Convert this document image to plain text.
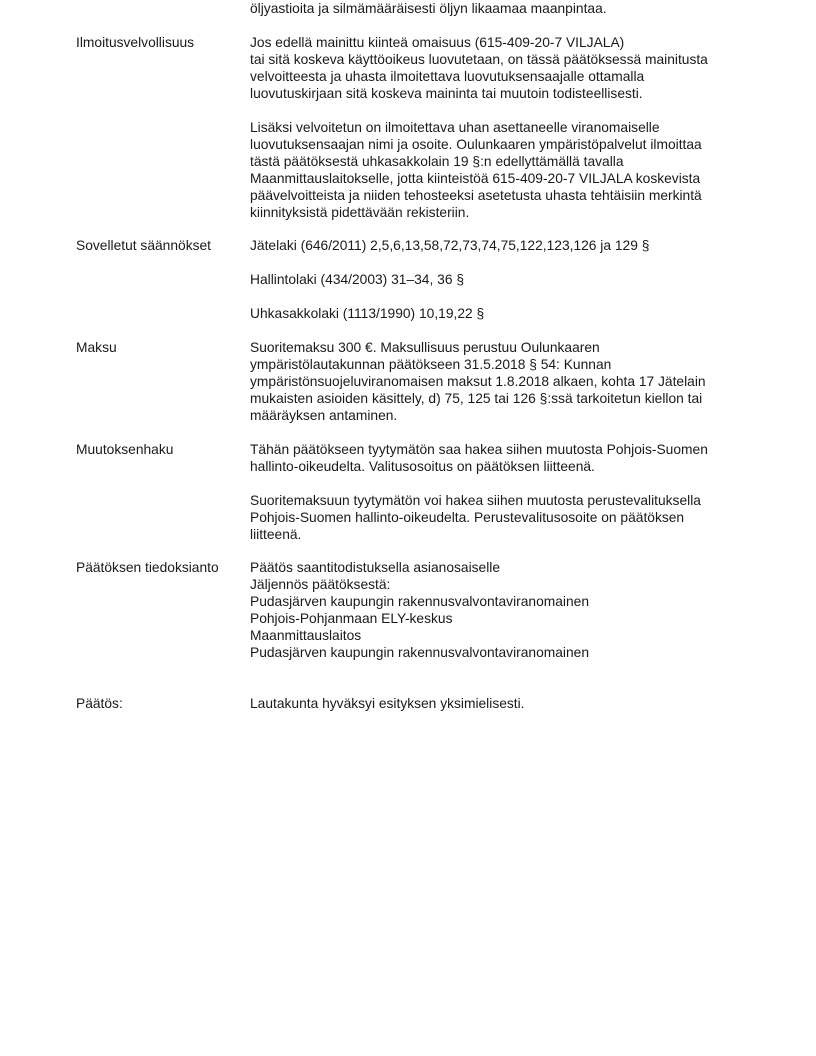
öljyastioita ja silmämääräisesti öljyn likaamaa maanpintaa.

Ilmoitusvelvollisuus	Jos edellä mainittu kiinteä omaisuus (615-409-20-7 VILJALA)
tai sitä koskeva käyttöoikeus luovutetaan, on tässä päätöksessä mainitusta
velvoitteesta ja uhasta ilmoitettava luovutuksensaajalle ottamalla
luovutuskirjaan sitä koskeva maininta tai muutoin todisteellisesti.

Lisäksi velvoitetun on ilmoitettava uhan asettaneelle viranomaiselle
luovutuksensaajan nimi ja osoite. Oulunkaaren ympäristöpalvelut ilmoittaa
tästä päätöksestä uhkasakkolain 19 §:n edellyttämällä tavalla
Maanmittauslaitokselle, jotta kiinteistöä 615-409-20-7 VILJALA koskevista
päävelvoitteista ja niiden tehosteeksi asetetusta uhasta tehtäisiin merkintä
kiinnityksistä pidettävään rekisteriin.

Sovelletut säännökset	Jätelaki (646/2011) 2,5,6,13,58,72,73,74,75,122,123,126 ja 129 §

Hallintolaki (434/2003) 31–34, 36 §

Uhkasakkolaki (1113/1990) 10,19,22 §

Maksu	Suoritemaksu 300 €. Maksullisuus perustuu Oulunkaaren
ympäristölautakunnan päätökseen 31.5.2018 § 54: Kunnan
ympäristönsuojeluviranomaisen maksut 1.8.2018 alkaen, kohta 17 Jätelain
mukaisten asioiden käsittely, d) 75, 125 tai 126 §:ssä tarkoitetun kiellon tai
määräyksen antaminen.

Muutoksenhaku	Tähän päätökseen tyytymätön saa hakea siihen muutosta Pohjois-Suomen
hallinto-oikeudelta. Valitusosoitus on päätöksen liitteenä.

Suoritemaksuun tyytymätön voi hakea siihen muutosta perustevalituksella
Pohjois-Suomen hallinto-oikeudelta. Perustevalitusosoite on päätöksen
liitteenä.

Päätöksen tiedoksianto	Päätös saantitodistuksella asianosaiselle
Jäljennös päätöksestä:
Pudasjärven kaupungin rakennusvalvontaviranomainen
Pohjois-Pohjanmaan ELY-keskus
Maanmittauslaitos
Pudasjärven kaupungin rakennusvalvontaviranomainen

Päätös:	Lautakunta hyväksyi esityksen yksimielisesti.
